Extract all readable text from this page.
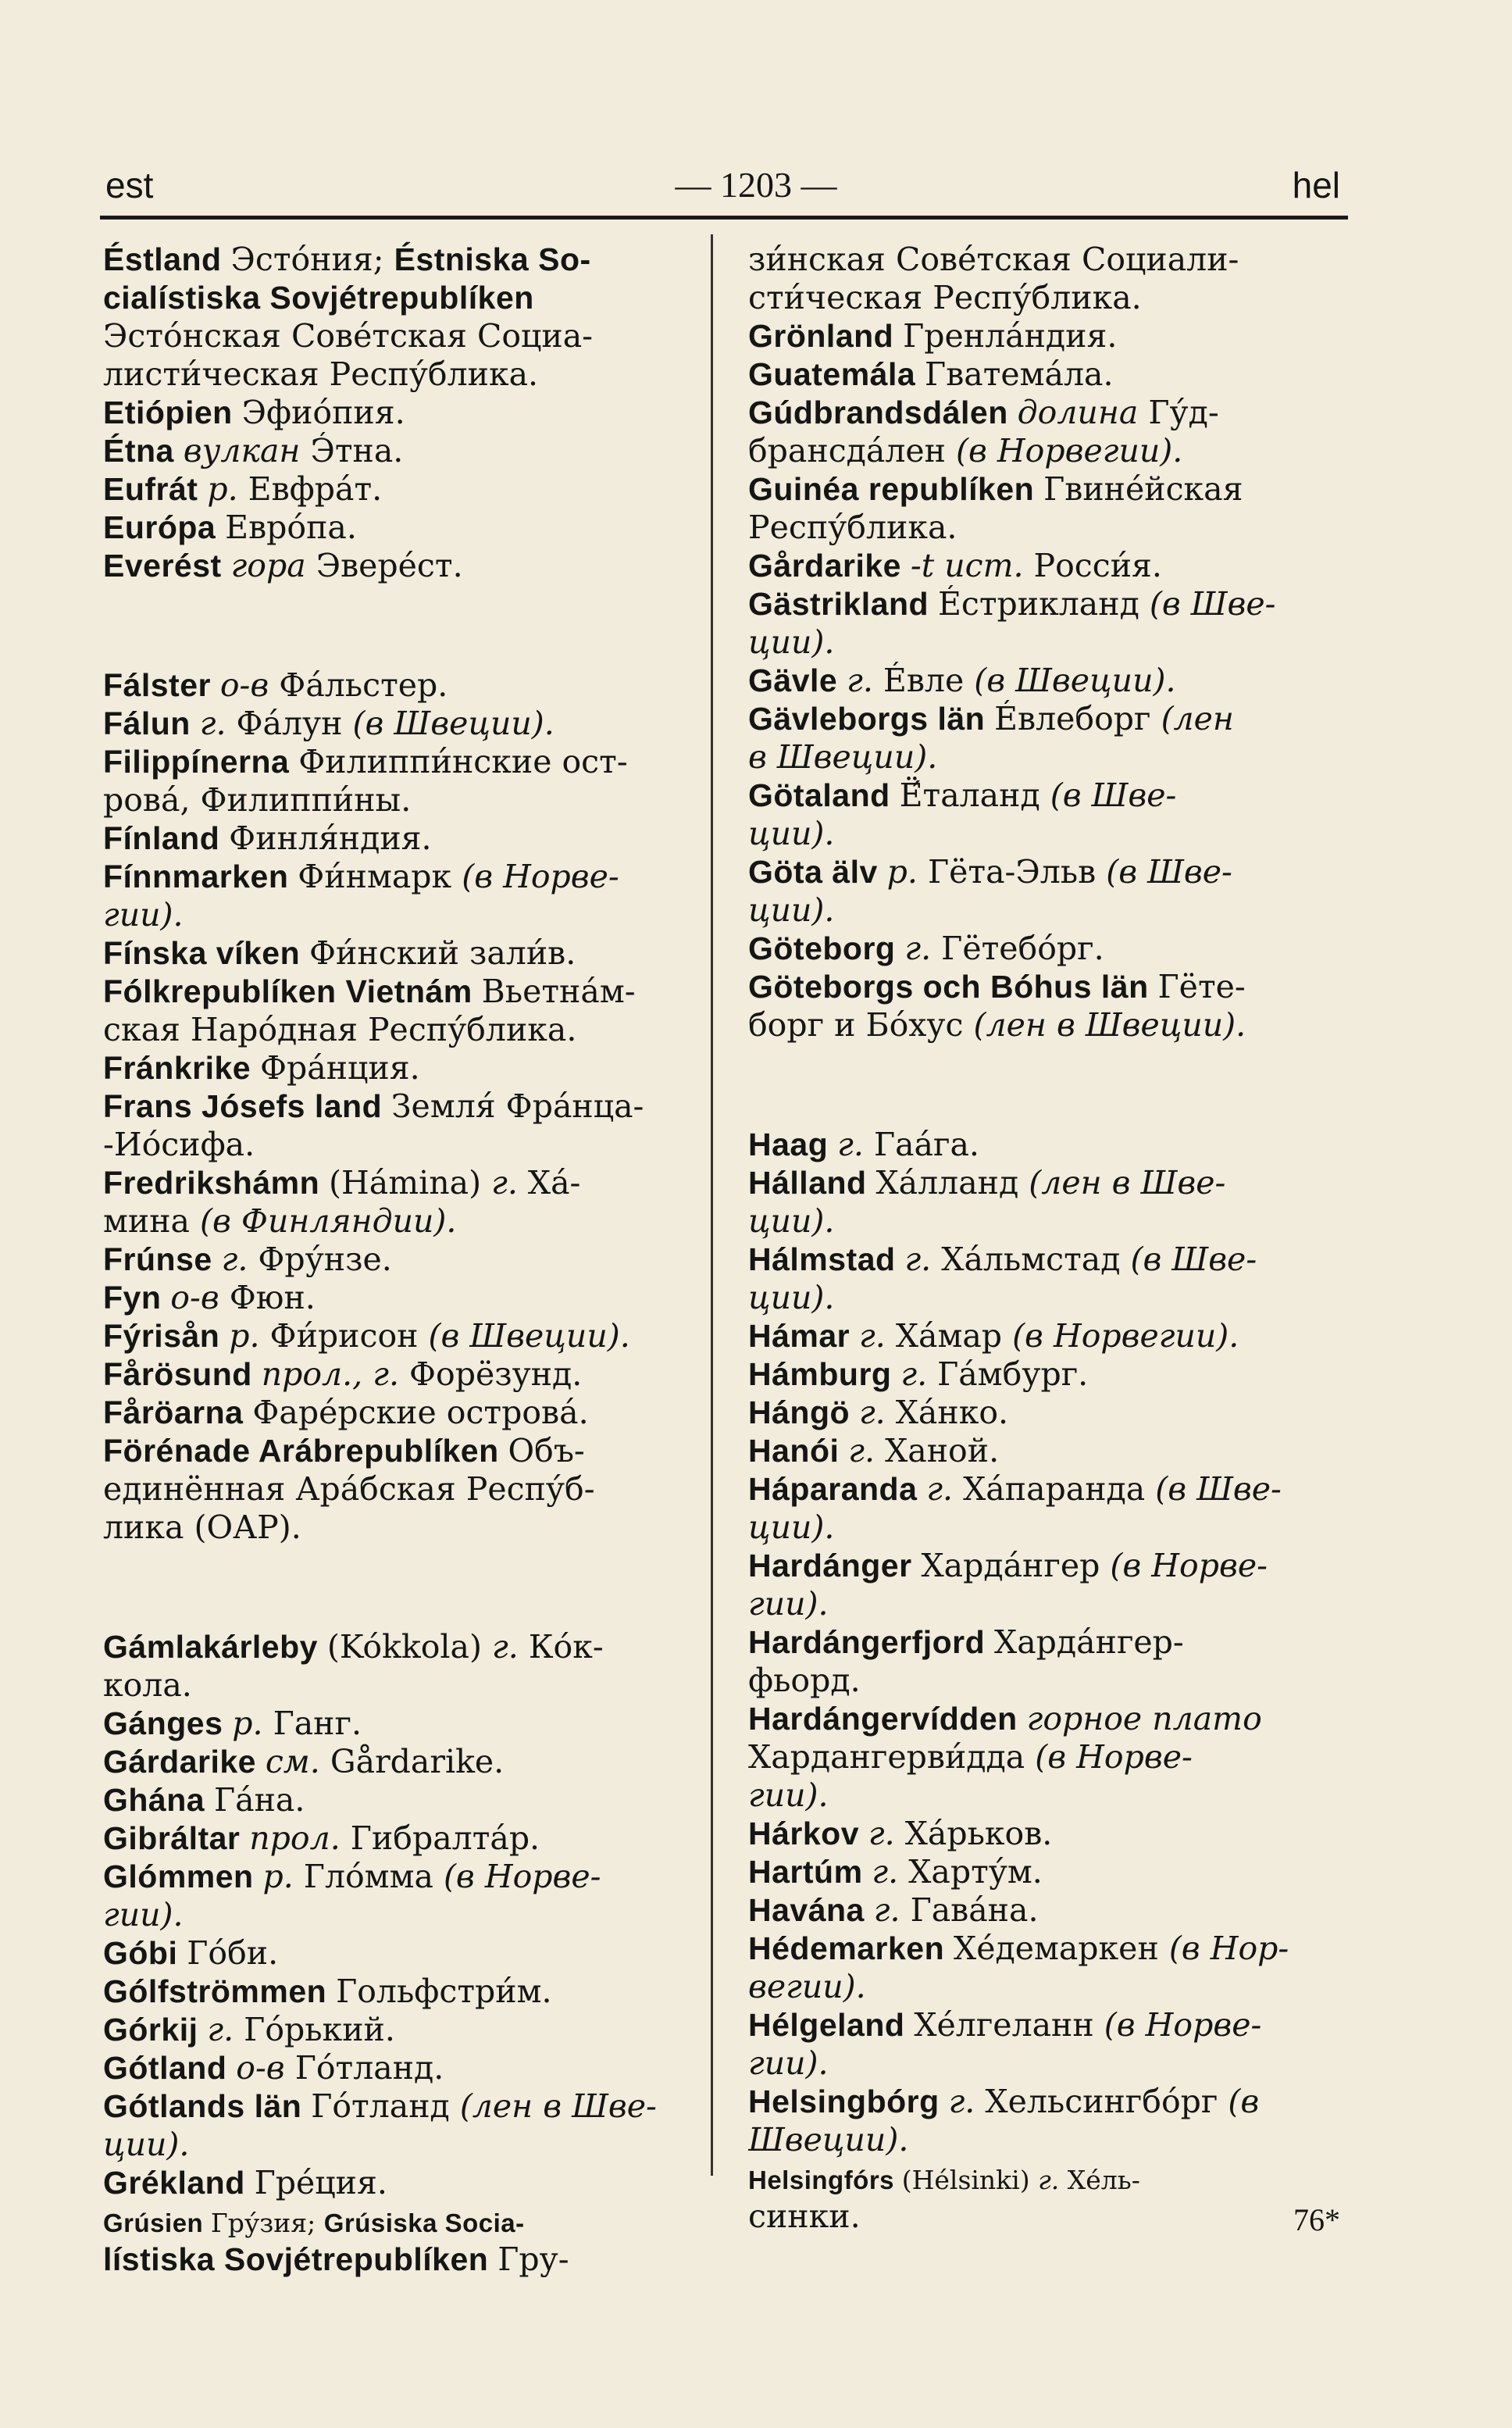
est	— 1203 —	hel
Éstland Эсто́ния; Éstniska So-
cialístiska Sovjétrepublíken
Эсто́нская Сове́тская Социа-
листи́ческая Респу́блика.
Etiópien Эфио́пия.
Étna вулкан Э́тна.
Eufrát р. Евфра́т.
Európa Евро́па.
Everést гора Эвере́ст.
Fálster о-в Фа́льстер.
Fálun г. Фа́лун (в Швеции).
Filippínerna Филиппи́нские ост-
рова́, Филиппи́ны.
Fínland Финля́ндия.
Fínnmarken Фи́нмарк (в Норве-
гии).
Fínska víken Фи́нский зали́в.
Fólkrepublíken Vietnám Вьетна́м-
ская Наро́дная Респу́блика.
Fránkrike Фра́нция.
Frans Jósefs land Земля́ Фра́нца-
-Ио́сифа.
Fredrikshámn (Hámina) г. Ха́-
мина (в Финляндии).
Frúnse г. Фру́нзе.
Fyn о-в Фюн.
Fýrisån р. Фи́рисон (в Швеции).
Fårösund прол., г. Форёзунд.
Fåröarna Фаре́рские острова́.
Förénade Arábrepublíken Объ-
единённая Ара́бская Респу́б-
лика (ОАР).
Gámlakárleby (Kókkola) г. Ко́к-
кола.
Gánges р. Ганг.
Gárdarike см. Gårdarike.
Ghána Га́на.
Gibráltar прол. Гибралта́р.
Glómmen р. Гло́мма (в Норве-
гии).
Góbi Го́би.
Gólfströmmen Гольфстри́м.
Górkij г. Го́рький.
Gótland о-в Го́тланд.
Gótlands län Го́тланд (лен в Шве-
ции).
Grékland Гре́ция.
Grúsien Гру́зия; Grúsiska Socia-
lístiska Sovjétrepublíken Гру-
зи́нская Сове́тская Социали-
сти́ческая Респу́блика.
Grönland Гренла́ндия.
Guatemála Гватема́ла.
Gúdbrandsdálen долина Гу́д-
брансда́лен (в Норвегии).
Guinéa republíken Гвине́йская
Респу́блика.
Gårdarike -t ист. Росси́я.
Gästrikland Е́стрикланд (в Шве-
ции).
Gävle г. Е́вле (в Швеции).
Gävleborgs län Е́влеборг (лен
в Швеции).
Götaland Ё́таланд (в Шве-
ции).
Göta älv р. Гёта-Эльв (в Шве-
ции).
Göteborg г. Гётебо́рг.
Göteborgs och Bóhus län Гёте-
борг и Бо́хус (лен в Швеции).
Haag г. Гаа́га.
Hálland Ха́лланд (лен в Шве-
ции).
Hálmstad г. Ха́льмстад (в Шве-
ции).
Hámar г. Ха́мар (в Норвегии).
Hámburg г. Га́мбург.
Hángö г. Ха́нко.
Hanói г. Ханой.
Háparanda г. Ха́паранда (в Шве-
ции).
Hardánger Харда́нгер (в Норве-
гии).
Hardángerfjord Харда́нгер-
фьорд.
Hardángervídden горное плато
Хардангерви́дда (в Норве-
гии).
Hárkov г. Ха́рьков.
Hartúm г. Харту́м.
Havána г. Гава́на.
Hédemarken Хе́демаркен (в Нор-
вегии).
Hélgeland Хе́лгеланн (в Норве-
гии).
Helsingbórg г. Хельсингбо́рг (в
Швеции).
Helsingfórs (Hélsinki) г. Хе́ль-
синки.	76*
